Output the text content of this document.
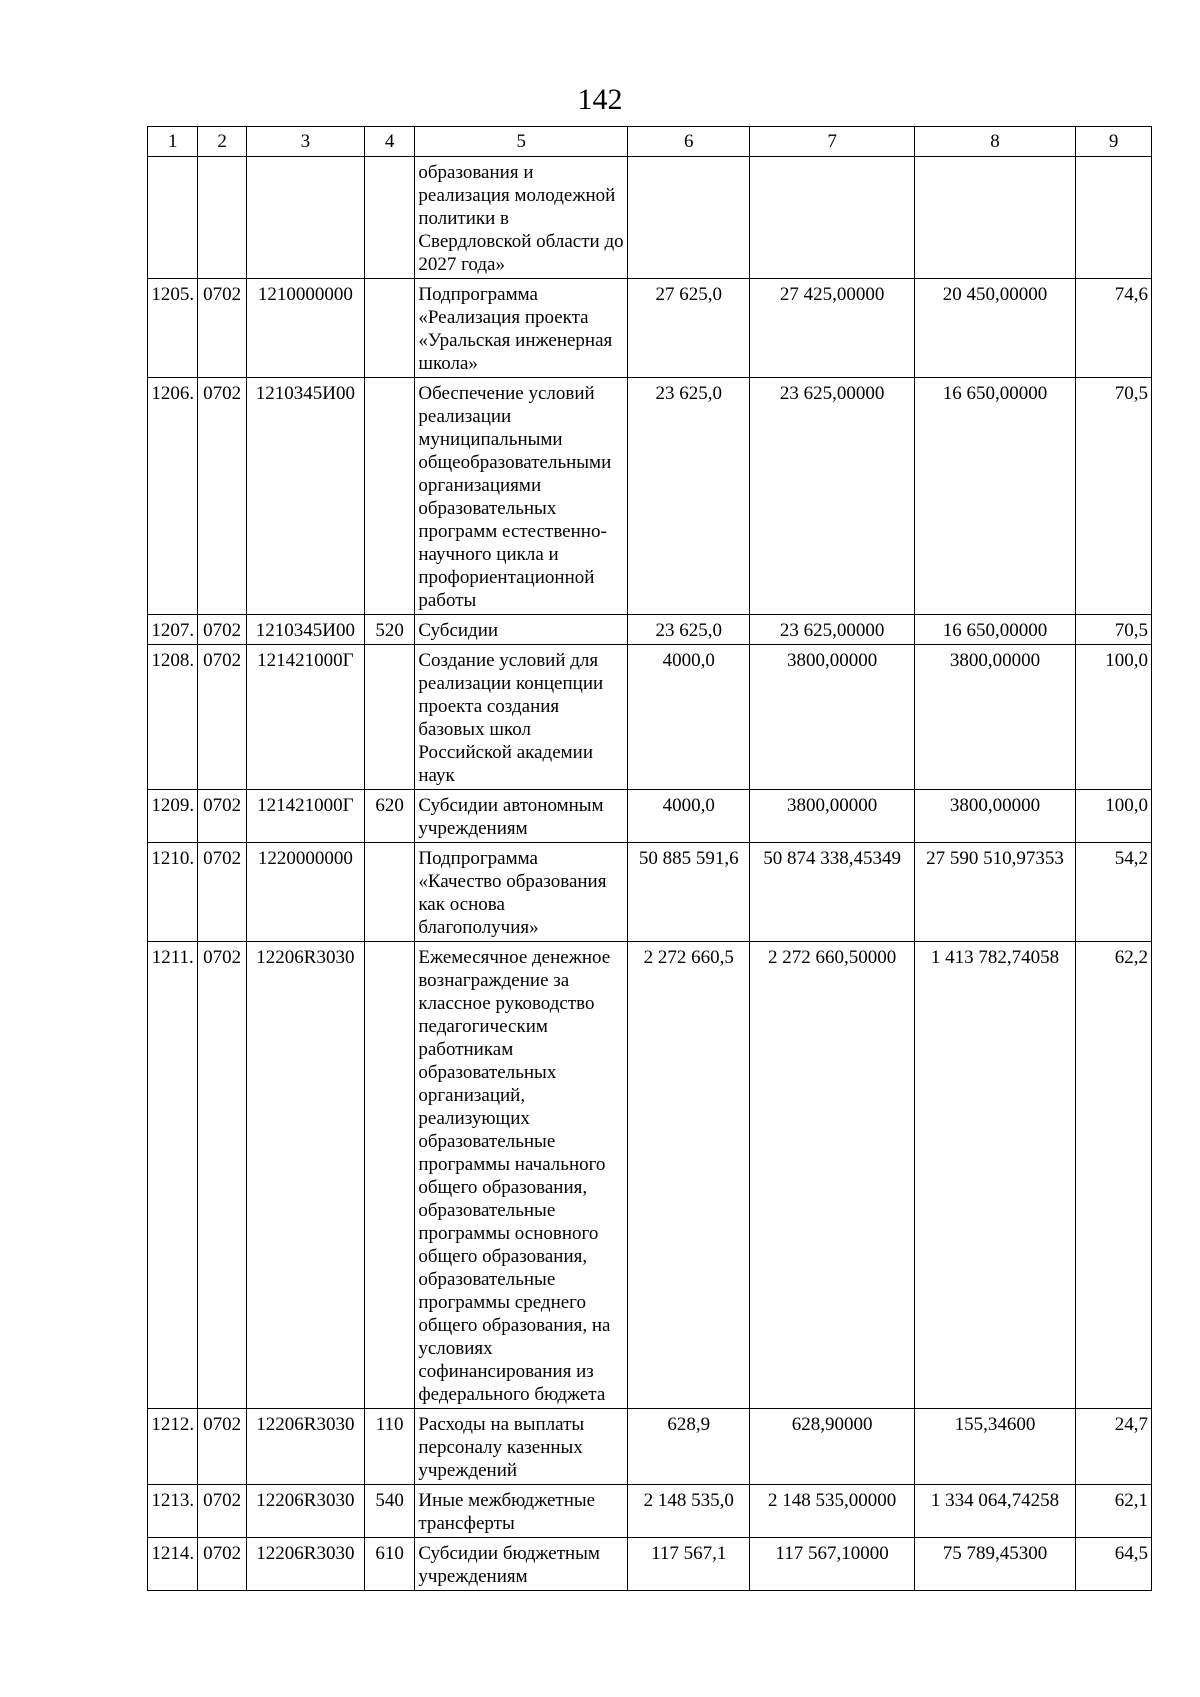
142
1	2	3	4	5	6	7	8	9
				образования и реализация молодежной политики в Свердловской области до 2027 года»				
1205.	0702	1210000000		Подпрограмма «Реализация проекта «Уральская инженерная школа»	27 625,0	27 425,00000	20 450,00000	74,6
1206.	0702	1210345И00		Обеспечение условий реализации муниципальными общеобразовательными организациями образовательных программ естественно-научного цикла и профориентационной работы	23 625,0	23 625,00000	16 650,00000	70,5
1207.	0702	1210345И00	520	Субсидии	23 625,0	23 625,00000	16 650,00000	70,5
1208.	0702	121421000Г		Создание условий для реализации концепции проекта создания базовых школ Российской академии наук	4000,0	3800,00000	3800,00000	100,0
1209.	0702	121421000Г	620	Субсидии автономным учреждениям	4000,0	3800,00000	3800,00000	100,0
1210.	0702	1220000000		Подпрограмма «Качество образования как основа благополучия»	50 885 591,6	50 874 338,45349	27 590 510,97353	54,2
1211.	0702	12206R3030		Ежемесячное денежное вознаграждение за классное руководство педагогическим работникам образовательных организаций, реализующих образовательные программы начального общего образования, образовательные программы основного общего образования, образовательные программы среднего общего образования, на условиях софинансирования из федерального бюджета	2 272 660,5	2 272 660,50000	1 413 782,74058	62,2
1212.	0702	12206R3030	110	Расходы на выплаты персоналу казенных учреждений	628,9	628,90000	155,34600	24,7
1213.	0702	12206R3030	540	Иные межбюджетные трансферты	2 148 535,0	2 148 535,00000	1 334 064,74258	62,1
1214.	0702	12206R3030	610	Субсидии бюджетным учреждениям	117 567,1	117 567,10000	75 789,45300	64,5
